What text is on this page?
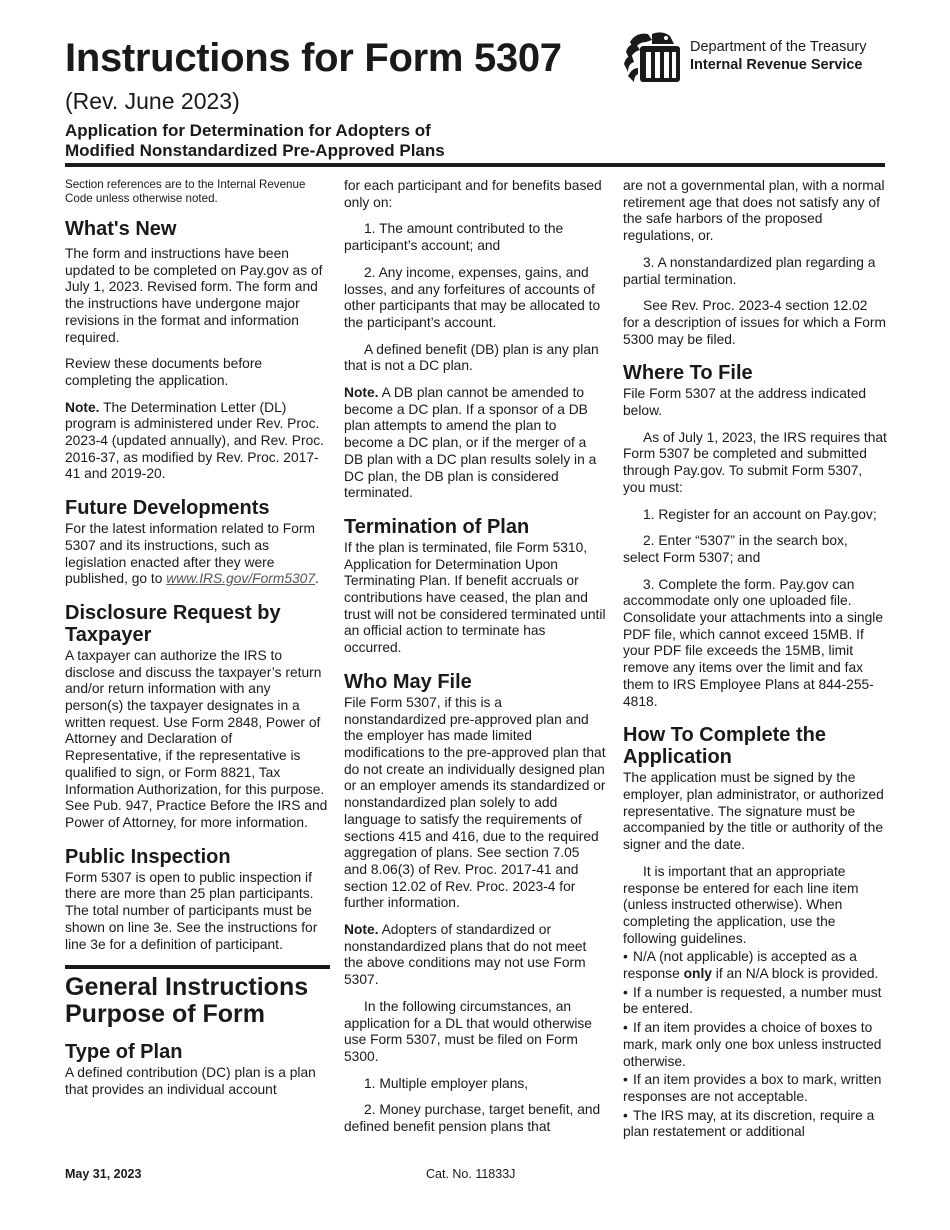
Instructions for Form 5307
(Rev. June 2023)
Application for Determination for Adopters of
Modified Nonstandardized Pre-Approved Plans
Department of the Treasury
Internal Revenue Service

Section references are to the Internal Revenue Code unless otherwise noted.

What's New

The form and instructions have been updated to be completed on Pay.gov as of July 1, 2023. Revised form. The form and the instructions have undergone major revisions in the format and information required.

Review these documents before completing the application.

Note. The Determination Letter (DL) program is administered under Rev. Proc. 2023-4 (updated annually), and Rev. Proc. 2016-37, as modified by Rev. Proc. 2017-41 and 2019-20.

Future Developments

For the latest information related to Form 5307 and its instructions, such as legislation enacted after they were published, go to www.IRS.gov/Form5307.

Disclosure Request by Taxpayer

A taxpayer can authorize the IRS to disclose and discuss the taxpayer’s return and/or return information with any person(s) the taxpayer designates in a written request. Use Form 2848, Power of Attorney and Declaration of Representative, if the representative is qualified to sign, or Form 8821, Tax Information Authorization, for this purpose. See Pub. 947, Practice Before the IRS and Power of Attorney, for more information.

Public Inspection

Form 5307 is open to public inspection if there are more than 25 plan participants. The total number of participants must be shown on line 3e. See the instructions for line 3e for a definition of participant.

General Instructions
Purpose of Form
Type of Plan

A defined contribution (DC) plan is a plan that provides an individual account

for each participant and for benefits based only on:

1. The amount contributed to the participant’s account; and

2. Any income, expenses, gains, and losses, and any forfeitures of accounts of other participants that may be allocated to the participant’s account.

A defined benefit (DB) plan is any plan that is not a DC plan.

Note. A DB plan cannot be amended to become a DC plan. If a sponsor of a DB plan attempts to amend the plan to become a DC plan, or if the merger of a DB plan with a DC plan results solely in a DC plan, the DB plan is considered terminated.

Termination of Plan

If the plan is terminated, file Form 5310, Application for Determination Upon Terminating Plan. If benefit accruals or contributions have ceased, the plan and trust will not be considered terminated until an official action to terminate has occurred.

Who May File

File Form 5307, if this is a nonstandardized pre-approved plan and the employer has made limited modifications to the pre-approved plan that do not create an individually designed plan or an employer amends its standardized or nonstandardized plan solely to add language to satisfy the requirements of sections 415 and 416, due to the required aggregation of plans. See section 7.05 and 8.06(3) of Rev. Proc. 2017-41 and section 12.02 of Rev. Proc. 2023-4 for further information.

Note. Adopters of standardized or nonstandardized plans that do not meet the above conditions may not use Form 5307.

In the following circumstances, an application for a DL that would otherwise use Form 5307, must be filed on Form 5300.

1. Multiple employer plans,

2. Money purchase, target benefit, and defined benefit pension plans that

are not a governmental plan, with a normal retirement age that does not satisfy any of the safe harbors of the proposed regulations, or.

3. A nonstandardized plan regarding a partial termination.

See Rev. Proc. 2023-4 section 12.02 for a description of issues for which a Form 5300 may be filed.

Where To File

File Form 5307 at the address indicated below.

As of July 1, 2023, the IRS requires that Form 5307 be completed and submitted through Pay.gov. To submit Form 5307, you must:

1. Register for an account on Pay.gov;

2. Enter “5307” in the search box, select Form 5307; and

3. Complete the form. Pay.gov can accommodate only one uploaded file. Consolidate your attachments into a single PDF file, which cannot exceed 15MB. If your PDF file exceeds the 15MB, limit remove any items over the limit and fax them to IRS Employee Plans at 844-255-4818.

How To Complete the Application

The application must be signed by the employer, plan administrator, or authorized representative. The signature must be accompanied by the title or authority of the signer and the date.

It is important that an appropriate response be entered for each line item (unless instructed otherwise). When completing the application, use the following guidelines.

• N/A (not applicable) is accepted as a response only if an N/A block is provided.

• If a number is requested, a number must be entered.

• If an item provides a choice of boxes to mark, mark only one box unless instructed otherwise.

• If an item provides a box to mark, written responses are not acceptable.

• The IRS may, at its discretion, require a plan restatement or additional

May 31, 2023	Cat. No. 11833J
